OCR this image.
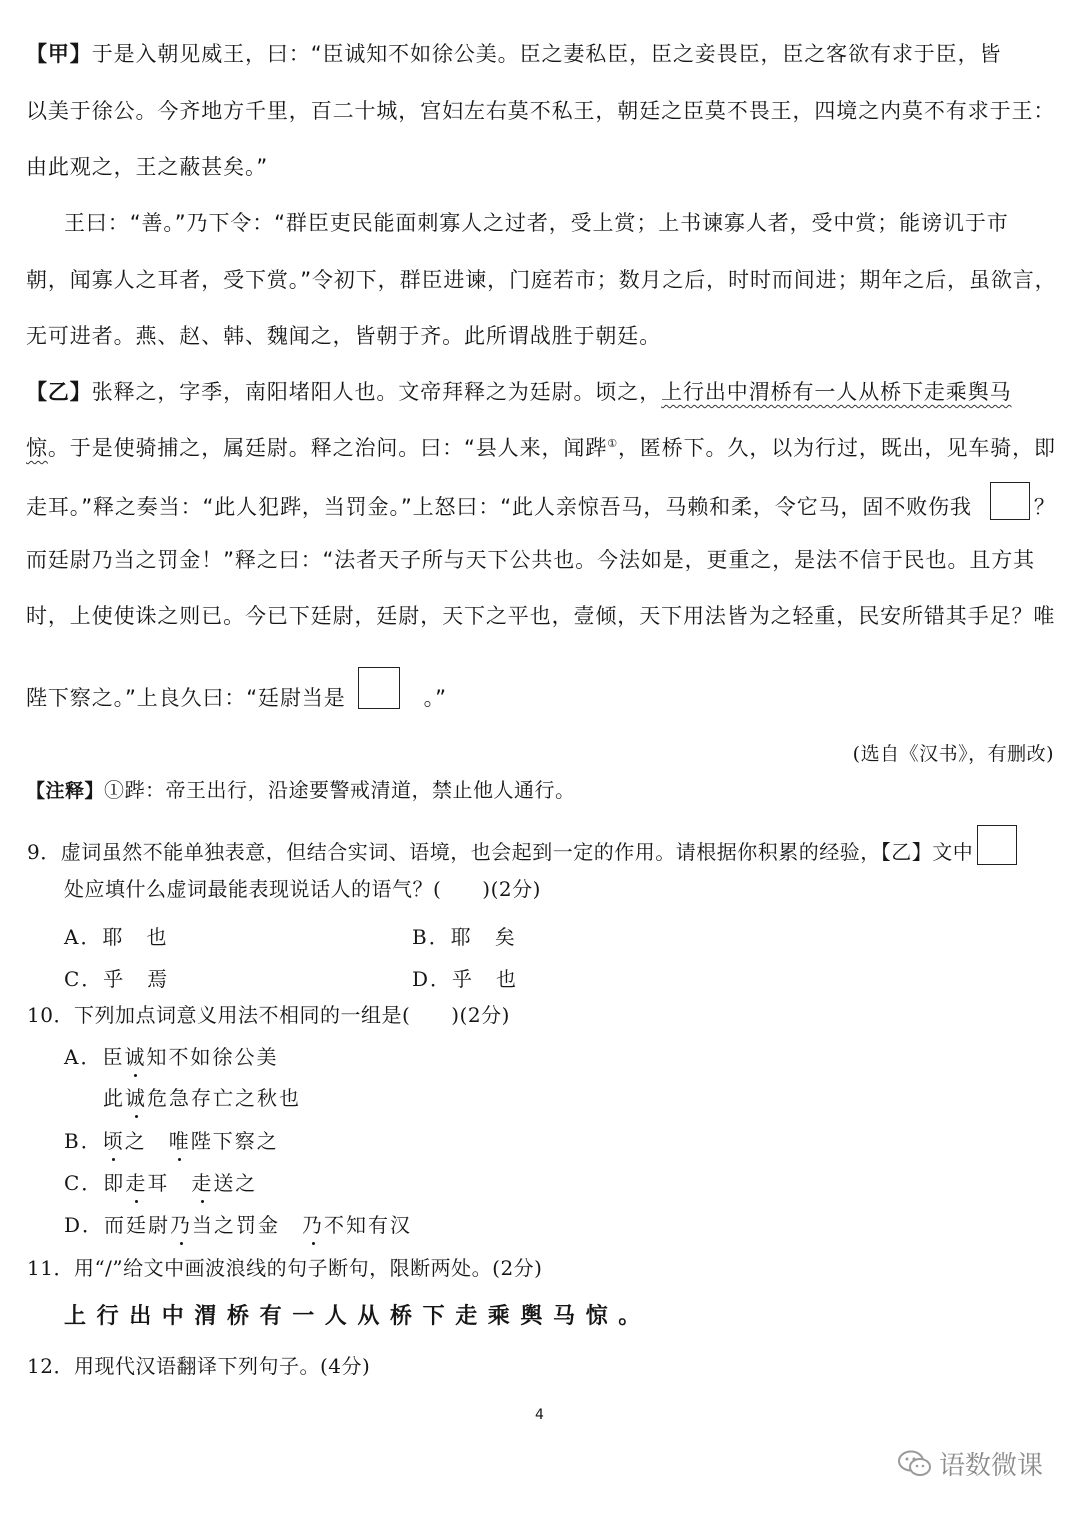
【甲】于是入朝见威王，曰：“臣诚知不如徐公美。臣之妻私臣，臣之妾畏臣，臣之客欲有求于臣，皆
以美于徐公。今齐地方千里，百二十城，宫妇左右莫不私王，朝廷之臣莫不畏王，四境之内莫不有求于王：
由此观之，王之蔽甚矣。”
王曰：“善。”乃下令：“群臣吏民能面刺寡人之过者，受上赏；上书谏寡人者，受中赏；能谤讥于市
朝，闻寡人之耳者，受下赏。”令初下，群臣进谏，门庭若市；数月之后，时时而间进；期年之后，虽欲言，
无可进者。燕、赵、韩、魏闻之，皆朝于齐。此所谓战胜于朝廷。
【乙】张释之，字季，南阳堵阳人也。文帝拜释之为廷尉。顷之，上行出中渭桥有一人从桥下走乘舆马
惊。于是使骑捕之，属廷尉。释之治问。曰：“县人来，闻跸①，匿桥下。久，以为行过，既出，见车骑，即
走耳。”释之奏当：“此人犯跸，当罚金。”上怒曰：“此人亲惊吾马，马赖和柔，令它马，固不败伤我	？
而廷尉乃当之罚金！”释之曰：“法者天子所与天下公共也。今法如是，更重之，是法不信于民也。且方其
时，上使使诛之则已。今已下廷尉，廷尉，天下之平也，壹倾，天下用法皆为之轻重，民安所错其手足？唯
陛下察之。”上良久曰：“廷尉当是	。”
(选自《汉书》，有删改)
【注释】①跸：帝王出行，沿途要警戒清道，禁止他人通行。
9．虚词虽然不能单独表意，但结合实词、语境，也会起到一定的作用。请根据你积累的经验，【乙】文中
处应填什么虚词最能表现说话人的语气？(　　)(2分)
A．耶　也	B．耶　矣
C．乎　焉	D．乎　也
10．下列加点词意义用法不相同的一组是(　　)(2分)
A．臣诚知不如徐公美
此诚危急存亡之秋也
B．顷之　唯陛下察之
C．即走耳　走送之
D．而廷尉乃当之罚金　乃不知有汉
11．用“/”给文中画波浪线的句子断句，限断两处。(2分)
上行出中渭桥有一人从桥下走乘舆马惊。
12．用现代汉语翻译下列句子。(4分)
4
语数微课
